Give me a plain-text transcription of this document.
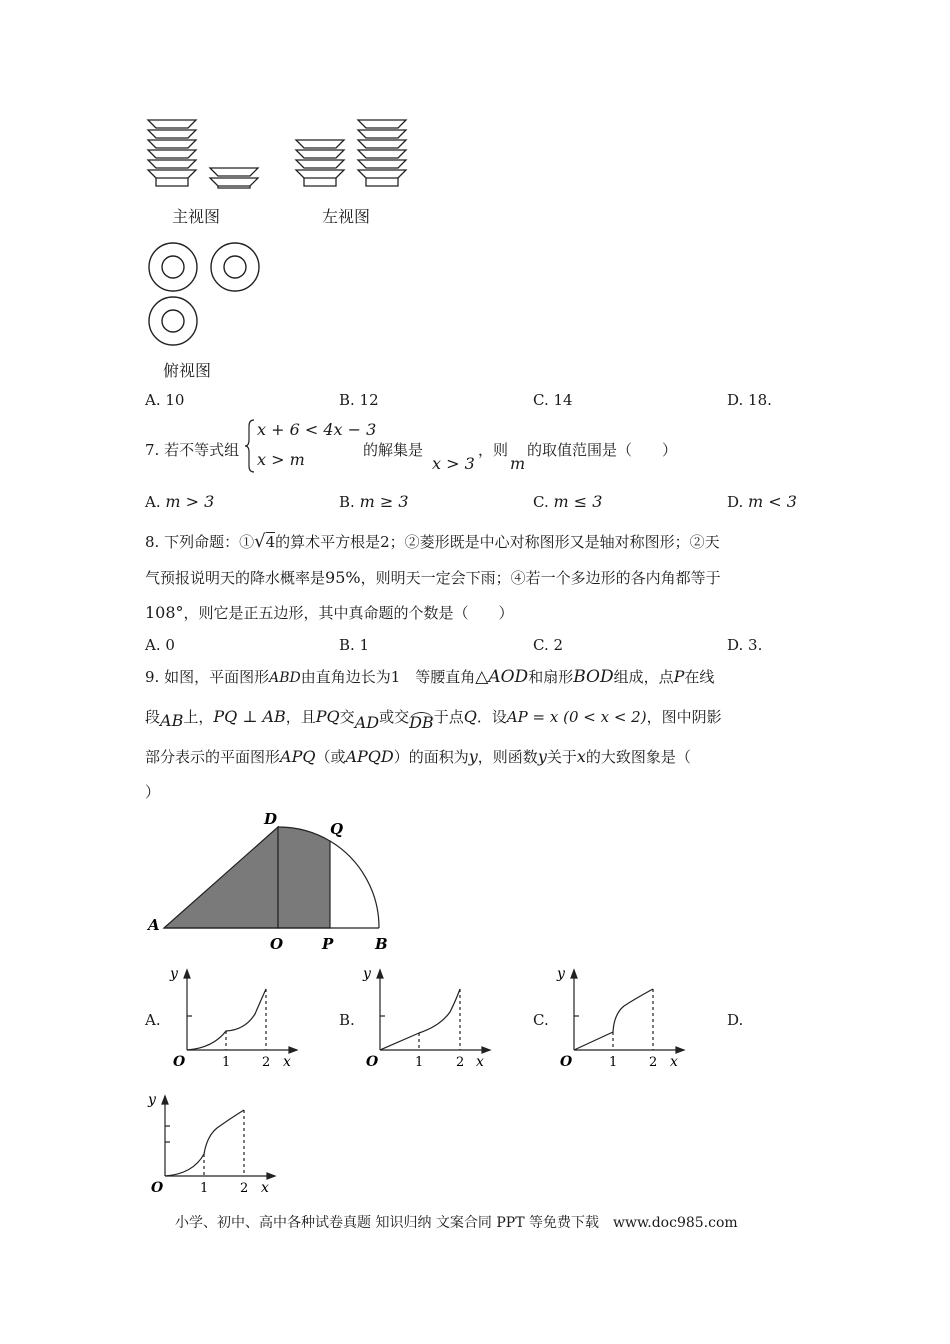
主视图	左视图
俯视图
A. 10	B. 12	C. 14	D. 18.
7. 若不等式组
x + 6 < 4x − 3
x > m	的解集是
x > 3
，则
m
的取值范围是（　　）
A. m > 3	B. m ≥ 3	C. m ≤ 3	D. m < 3
8. 下列命题：①√4的算术平方根是2；②菱形既是中心对称图形又是轴对称图形；②天
气预报说明天的降水概率是95%，则明天一定会下雨；④若一个多边形的各内角都等于
108°，则它是正五边形，其中真命题的个数是（　　）
A. 0	B. 1	C. 2	D. 3.
9. 如图，平面图形ABD由直角边长为1　等腰直角△AOD和扇形BOD组成，点P在线
段AB上，PQ ⊥ AB，且PQ交AD或交DB于点Q．设AP = x (0 < x < 2)，图中阴影
部分表示的平面图形APQ（或APQD）的面积为y，则函数y关于x的大致图象是（
）
A
O	P	B
D
Q
A.	B.	C.	D.
y
O	1 2 x
y
O	1	2 x
y
O	1 2 x
y
O	1 2 x
小学、初中、高中各种试卷真题 知识归纳 文案合同 PPT 等免费下载　www.doc985.com
